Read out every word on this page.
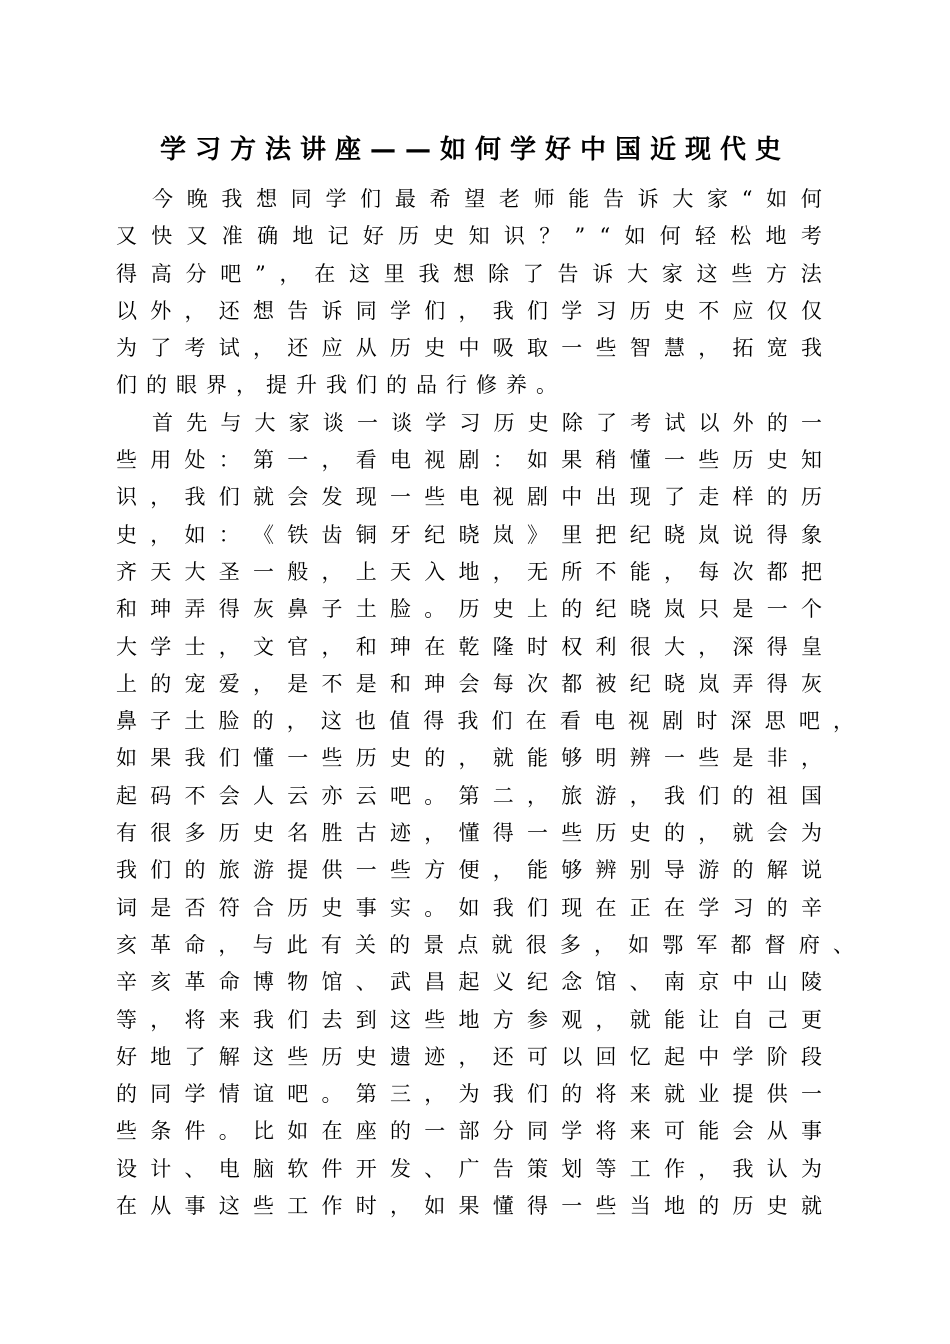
学习方法讲座——如何学好中国近现代史
今 晚 我 想 同 学 们 最 希 望 老 师 能 告 诉 大 家 “ 如 何
又 快 又 准 确 地 记 好 历 史 知 识 ？ ” “ 如 何 轻 松 地 考
得 高 分 吧 ” ， 在 这 里 我 想 除 了 告 诉 大 家 这 些 方 法
以 外 ， 还 想 告 诉 同 学 们 ， 我 们 学 习 历 史 不 应 仅 仅
为 了 考 试 ， 还 应 从 历 史 中 吸 取 一 些 智 慧 ， 拓 宽 我
们 的 眼 界 ， 提 升 我 们 的 品 行 修 养 。
首 先 与 大 家 谈 一 谈 学 习 历 史 除 了 考 试 以 外 的 一
些 用 处 ： 第 一 ， 看 电 视 剧 ： 如 果 稍 懂 一 些 历 史 知
识 ， 我 们 就 会 发 现 一 些 电 视 剧 中 出 现 了 走 样 的 历
史 ， 如 ： 《 铁 齿 铜 牙 纪 晓 岚 》 里 把 纪 晓 岚 说 得 象
齐 天 大 圣 一 般 ， 上 天 入 地 ， 无 所 不 能 ， 每 次 都 把
和 珅 弄 得 灰 鼻 子 土 脸 。 历 史 上 的 纪 晓 岚 只 是 一 个
大 学 士 ， 文 官 ， 和 珅 在 乾 隆 时 权 利 很 大 ， 深 得 皇
上 的 宠 爱 ， 是 不 是 和 珅 会 每 次 都 被 纪 晓 岚 弄 得 灰
鼻 子 土 脸 的 ， 这 也 值 得 我 们 在 看 电 视 剧 时 深 思 吧 ，
如 果 我 们 懂 一 些 历 史 的 ， 就 能 够 明 辨 一 些 是 非 ，
起 码 不 会 人 云 亦 云 吧 。 第 二 ， 旅 游 ， 我 们 的 祖 国
有 很 多 历 史 名 胜 古 迹 ， 懂 得 一 些 历 史 的 ， 就 会 为
我 们 的 旅 游 提 供 一 些 方 便 ， 能 够 辨 别 导 游 的 解 说
词 是 否 符 合 历 史 事 实 。 如 我 们 现 在 正 在 学 习 的 辛
亥 革 命 ， 与 此 有 关 的 景 点 就 很 多 ， 如 鄂 军 都 督 府 、
辛 亥 革 命 博 物 馆 、 武 昌 起 义 纪 念 馆 、 南 京 中 山 陵
等 ， 将 来 我 们 去 到 这 些 地 方 参 观 ， 就 能 让 自 己 更
好 地 了 解 这 些 历 史 遗 迹 ， 还 可 以 回 忆 起 中 学 阶 段
的 同 学 情 谊 吧 。 第 三 ， 为 我 们 的 将 来 就 业 提 供 一
些 条 件 。 比 如 在 座 的 一 部 分 同 学 将 来 可 能 会 从 事
设 计 、 电 脑 软 件 开 发 、 广 告 策 划 等 工 作 ， 我 认 为
在 从 事 这 些 工 作 时 ， 如 果 懂 得 一 些 当 地 的 历 史 就
